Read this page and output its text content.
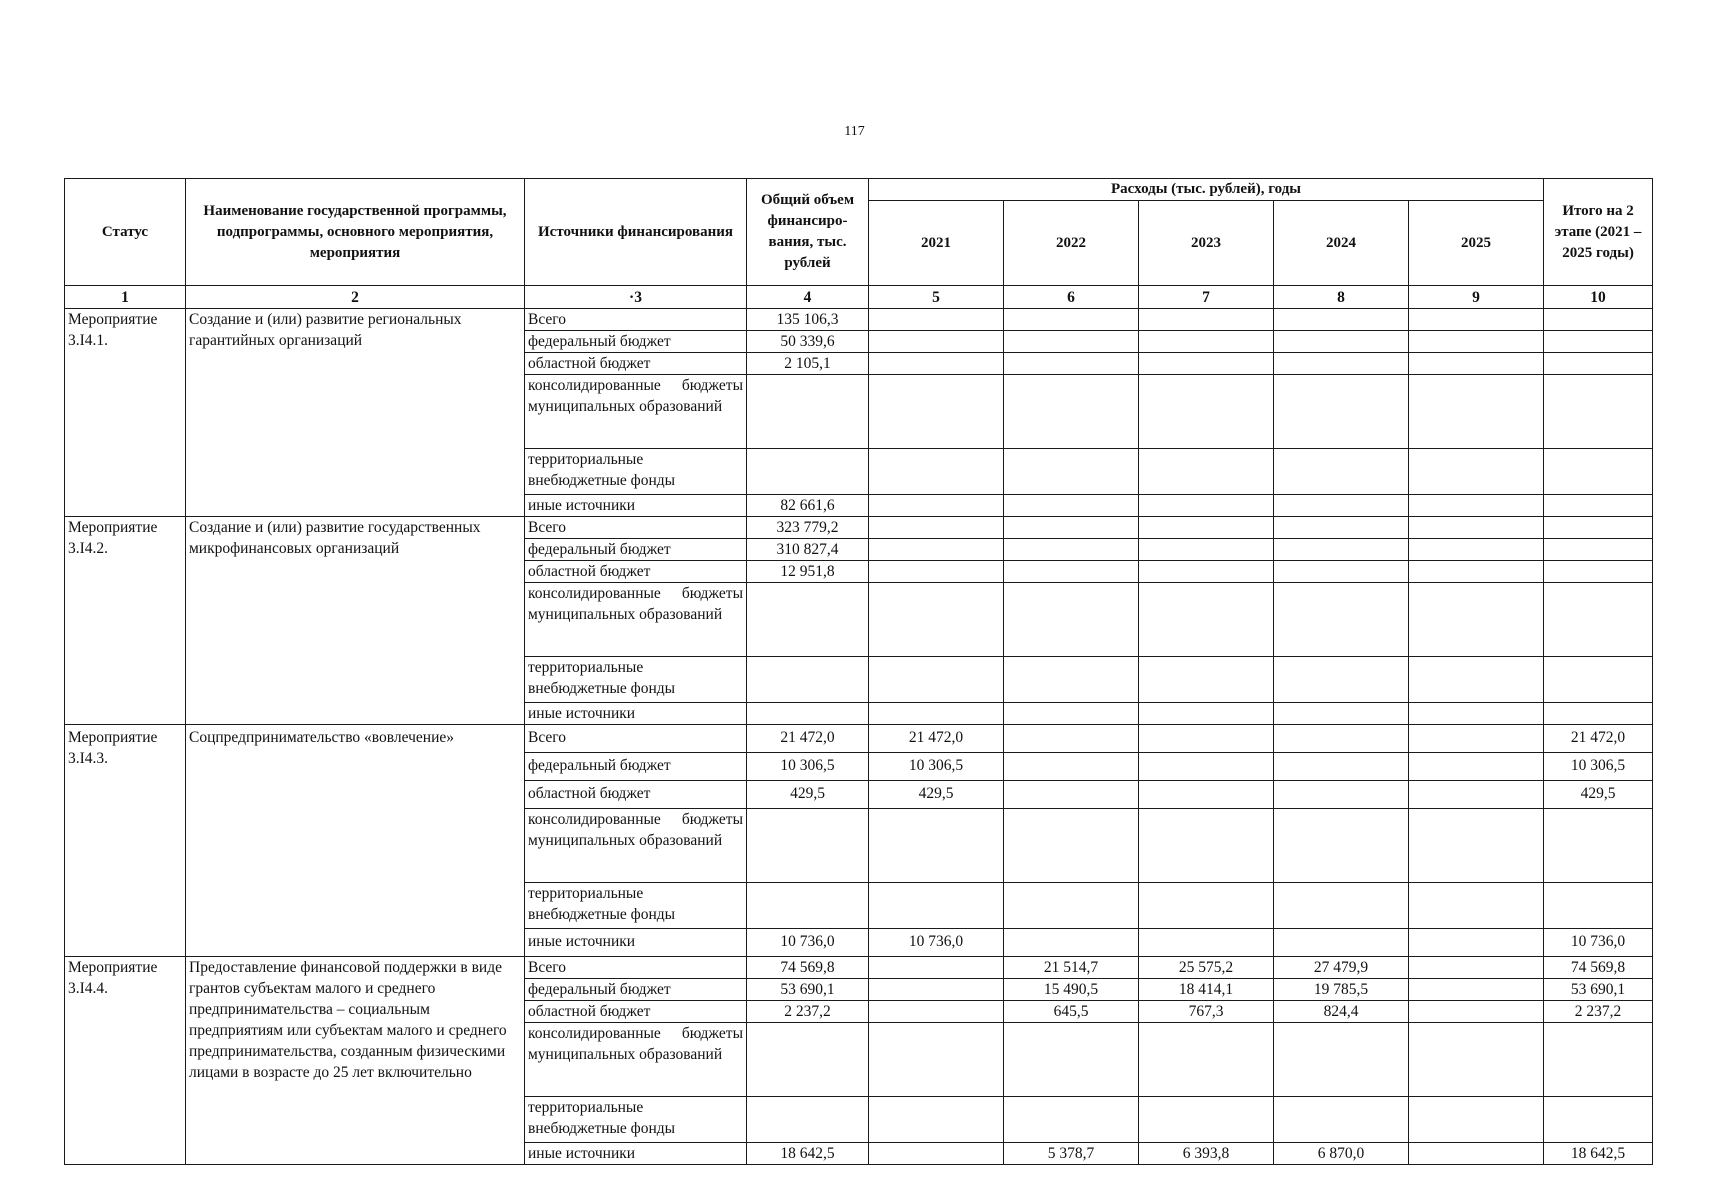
117
Статус	Наименование государственной программы, подпрограммы, основного мероприятия, мероприятия	Источники финансирования	Общий объем финансиро-вания, тыс. рублей	Расходы (тыс. рублей), годы					Итого на 2 этапе (2021 – 2025 годы)
				2021	2022	2023	2024	2025	
1	2	·3	4	5	6	7	8	9	10
Мероприятие 3.I4.1.	Создание и (или) развитие региональных гарантийных организаций	Всего	135 106,3						
		федеральный бюджет	50 339,6						
		областной бюджет	2 105,1						
		консолидированные бюджеты муниципальных образований							
		территориальные внебюджетные фонды							
		иные источники	82 661,6						
Мероприятие 3.I4.2.	Создание и (или) развитие государственных микрофинансовых организаций	Всего	323 779,2						
		федеральный бюджет	310 827,4						
		областной бюджет	12 951,8						
		консолидированные бюджеты муниципальных образований							
		территориальные внебюджетные фонды							
		иные источники							
Мероприятие 3.I4.3.	Соцпредпринимательство «вовлечение»	Всего	21 472,0	21 472,0					21 472,0
		федеральный бюджет	10 306,5	10 306,5					10 306,5
		областной бюджет	429,5	429,5					429,5
		консолидированные бюджеты муниципальных образований							
		территориальные внебюджетные фонды							
		иные источники	10 736,0	10 736,0					10 736,0
Мероприятие 3.I4.4.	Предоставление финансовой поддержки в виде грантов субъектам малого и среднего предпринимательства – социальным предприятиям или субъектам малого и среднего предпринимательства, созданным физическими лицами в возрасте до 25 лет включительно	Всего	74 569,8		21 514,7	25 575,2	27 479,9		74 569,8
		федеральный бюджет	53 690,1		15 490,5	18 414,1	19 785,5		53 690,1
		областной бюджет	2 237,2		645,5	767,3	824,4		2 237,2
		консолидированные бюджеты муниципальных образований							
		территориальные внебюджетные фонды							
		иные источники	18 642,5		5 378,7	6 393,8	6 870,0		18 642,5
